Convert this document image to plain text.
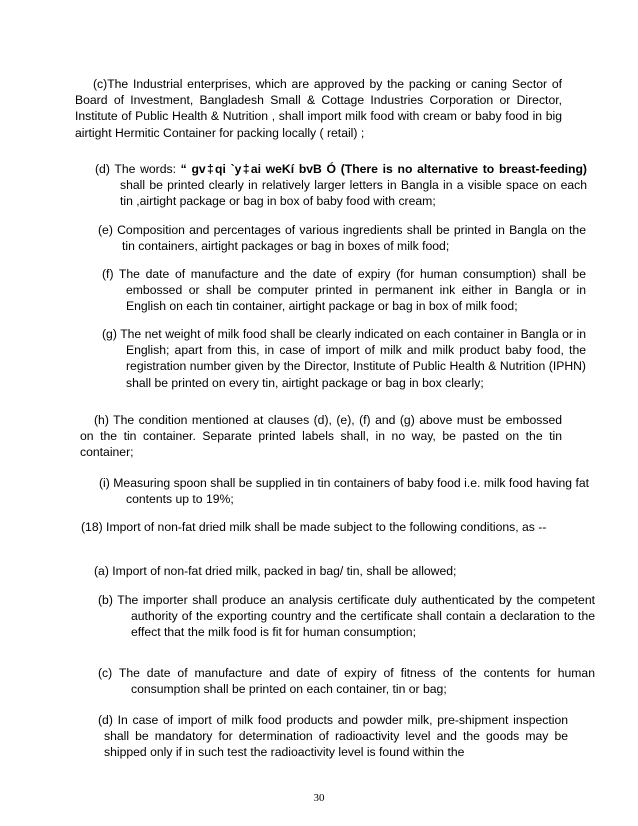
(c)The Industrial enterprises, which are approved by the packing or caning Sector of Board of Investment, Bangladesh Small & Cottage Industries Corporation or Director, Institute of Public Health & Nutrition , shall import milk food with cream or baby food in big airtight Hermitic Container for packing locally ( retail) ;

(d) The words: “ gv‡qi `y‡ai weKí bvB Ó (There is no alternative to breast-feeding) shall be printed clearly in relatively larger letters in Bangla in a visible space on each tin ,airtight package or bag in box of baby food with cream;

(e) Composition and percentages of various ingredients shall be printed in Bangla on the tin containers, airtight packages or bag in boxes of milk food;

(f) The date of manufacture and the date of expiry (for human consumption) shall be embossed or shall be computer printed in permanent ink either in Bangla or in English on each tin container, airtight package or bag in box of milk food;

(g) The net weight of milk food shall be clearly indicated on each container in Bangla or in English; apart from this, in case of import of milk and milk product baby food, the registration number given by the Director, Institute of Public Health & Nutrition (IPHN) shall be printed on every tin, airtight package or bag in box clearly;

(h) The condition mentioned at clauses (d), (e), (f) and (g) above must be embossed on the tin container. Separate printed labels shall, in no way, be pasted on the tin container;

(i) Measuring spoon shall be supplied in tin containers of baby food i.e. milk food having fat contents up to 19%;

(18) Import of non-fat dried milk shall be made subject to the following conditions, as --

(a) Import of non-fat dried milk, packed in bag/ tin, shall be allowed;

(b) The importer shall produce an analysis certificate duly authenticated by the competent authority of the exporting country and the certificate shall contain a declaration to the effect that the milk food is fit for human consumption;

(c) The date of manufacture and date of expiry of fitness of the contents for human consumption shall be printed on each container, tin or bag;

(d) In case of import of milk food products and powder milk, pre-shipment inspection shall be mandatory for determination of radioactivity level and the goods may be shipped only if in such test the radioactivity level is found within the

30
